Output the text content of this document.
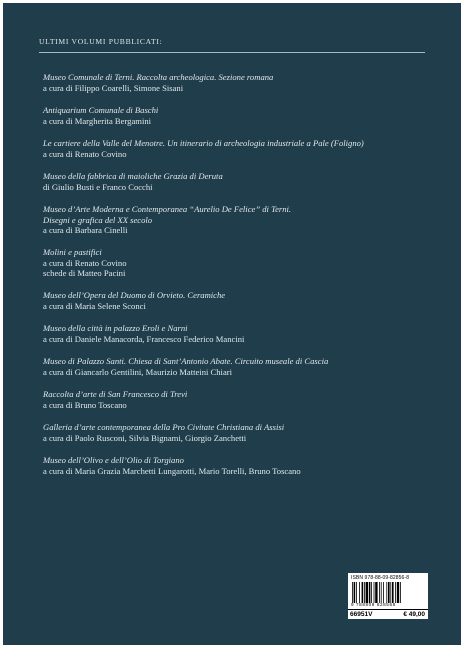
ULTIMI VOLUMI PUBBLICATI:
Museo Comunale di Terni. Raccolta archeologica. Sezione romana
a cura di Filippo Coarelli, Simone Sisani
Antiquarium Comunale di Baschi
a cura di Margherita Bergamini
Le cartiere della Valle del Menotre. Un itinerario di archeologia industriale a Pale (Foligno)
a cura di Renato Covino
Museo della fabbrica di maioliche Grazia di Deruta
di Giulio Busti e Franco Cocchi
Museo d’Arte Moderna e Contemporanea “Aurelio De Felice” di Terni.
Disegni e grafica del XX secolo
a cura di Barbara Cinelli
Molini e pastifici
a cura di Renato Covino
schede di Matteo Pacini
Museo dell’Opera del Duomo di Orvieto. Ceramiche
a cura di Maria Selene Sconci
Museo della città in palazzo Eroli e Narni
a cura di Daniele Manacorda, Francesco Federico Mancini
Museo di Palazzo Santi. Chiesa di Sant’Antonio Abate. Circuito museale di Cascia
a cura di Giancarlo Gentilini, Maurizio Matteini Chiari
Raccolta d’arte di San Francesco di Trevi
a cura di Bruno Toscano
Galleria d’arte contemporanea della Pro Civitate Christiana di Assisi
a cura di Paolo Rusconi, Silvia Bignami, Giorgio Zanchetti
Museo dell’Olivo e dell’Olio di Torgiano
a cura di Maria Grazia Marchetti Lungarotti, Mario Torelli, Bruno Toscano
ISBN 978-88-09-82856-8
9 788809 828568
66951V	€ 49,00
